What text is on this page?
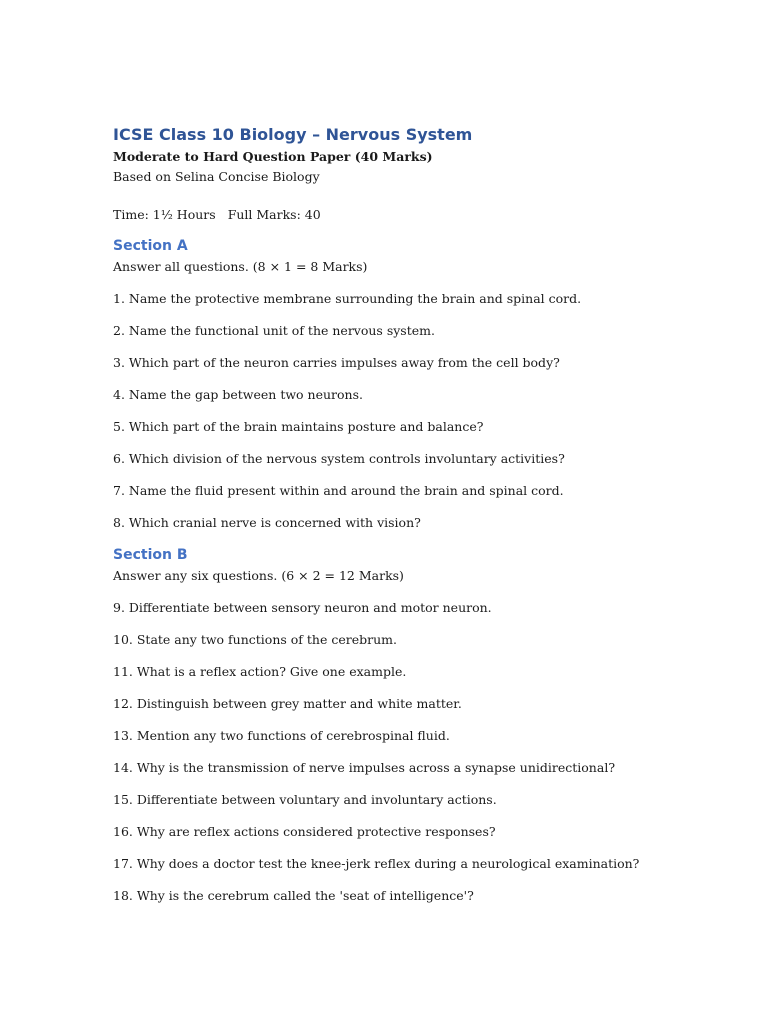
ICSE Class 10 Biology – Nervous System

Moderate to Hard Question Paper (40 Marks)

Based on Selina Concise Biology

Time: 1½ Hours Full Marks: 40

Section A

Answer all questions. (8 × 1 = 8 Marks)

1. Name the protective membrane surrounding the brain and spinal cord.

2. Name the functional unit of the nervous system.

3. Which part of the neuron carries impulses away from the cell body?

4. Name the gap between two neurons.

5. Which part of the brain maintains posture and balance?

6. Which division of the nervous system controls involuntary activities?

7. Name the fluid present within and around the brain and spinal cord.

8. Which cranial nerve is concerned with vision?

Section B

Answer any six questions. (6 × 2 = 12 Marks)

9. Differentiate between sensory neuron and motor neuron.

10. State any two functions of the cerebrum.

11. What is a reflex action? Give one example.

12. Distinguish between grey matter and white matter.

13. Mention any two functions of cerebrospinal fluid.

14. Why is the transmission of nerve impulses across a synapse unidirectional?

15. Differentiate between voluntary and involuntary actions.

16. Why are reflex actions considered protective responses?

17. Why does a doctor test the knee-jerk reflex during a neurological examination?

18. Why is the cerebrum called the 'seat of intelligence'?
